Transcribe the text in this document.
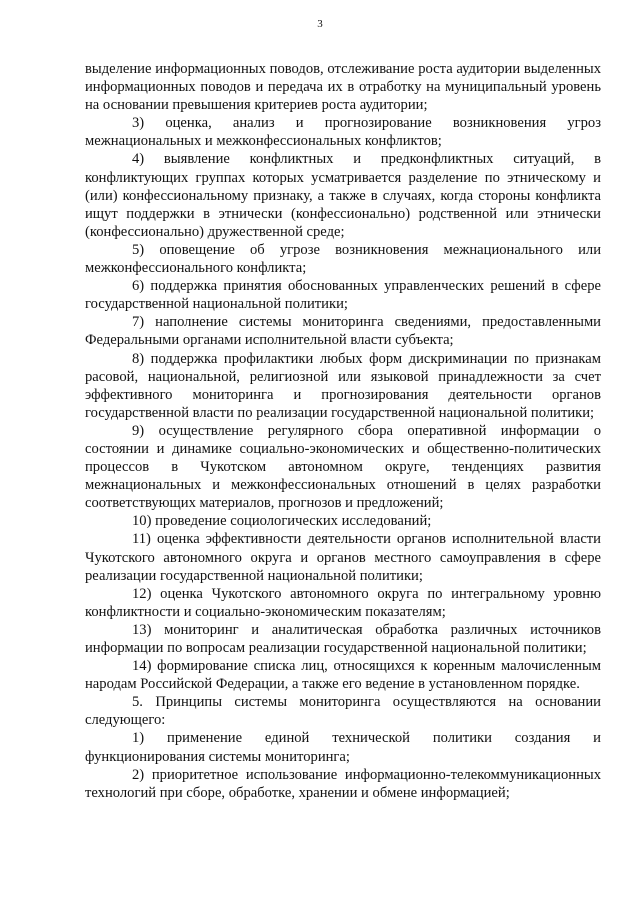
3

выделение информационных поводов, отслеживание роста аудитории выделенных информационных поводов и передача их в отработку на муниципальный уровень на основании превышения критериев роста аудитории;

3) оценка, анализ и прогнозирование возникновения угроз межнациональных и межконфессиональных конфликтов;

4) выявление конфликтных и предконфликтных ситуаций, в конфликтующих группах которых усматривается разделение по этническому и (или) конфессиональному признаку, а также в случаях, когда стороны конфликта ищут поддержки в этнически (конфессионально) родственной или этнически (конфессионально) дружественной среде;

5) оповещение об угрозе возникновения межнационального или межконфессионального конфликта;

6) поддержка принятия обоснованных управленческих решений в сфере государственной национальной политики;

7) наполнение системы мониторинга сведениями, предоставленными Федеральными органами исполнительной власти субъекта;

8) поддержка профилактики любых форм дискриминации по признакам расовой, национальной, религиозной или языковой принадлежности за счет эффективного мониторинга и прогнозирования деятельности органов государственной власти по реализации государственной национальной политики;

9) осуществление регулярного сбора оперативной информации о состоянии и динамике социально-экономических и общественно-политических процессов в Чукотском автономном округе, тенденциях развития межнациональных и межконфессиональных отношений в целях разработки соответствующих материалов, прогнозов и предложений;

10) проведение социологических исследований;

11) оценка эффективности деятельности органов исполнительной власти Чукотского автономного округа и органов местного самоуправления в сфере реализации государственной национальной политики;

12) оценка Чукотского автономного округа по интегральному уровню конфликтности и социально-экономическим показателям;

13) мониторинг и аналитическая обработка различных источников информации по вопросам реализации государственной национальной политики;

14) формирование списка лиц, относящихся к коренным малочисленным народам Российской Федерации, а также его ведение в установленном порядке.

5. Принципы системы мониторинга осуществляются на основании следующего:

1) применение единой технической политики создания и функционирования системы мониторинга;

2) приоритетное использование информационно-телекоммуникационных технологий при сборе, обработке, хранении и обмене информацией;
